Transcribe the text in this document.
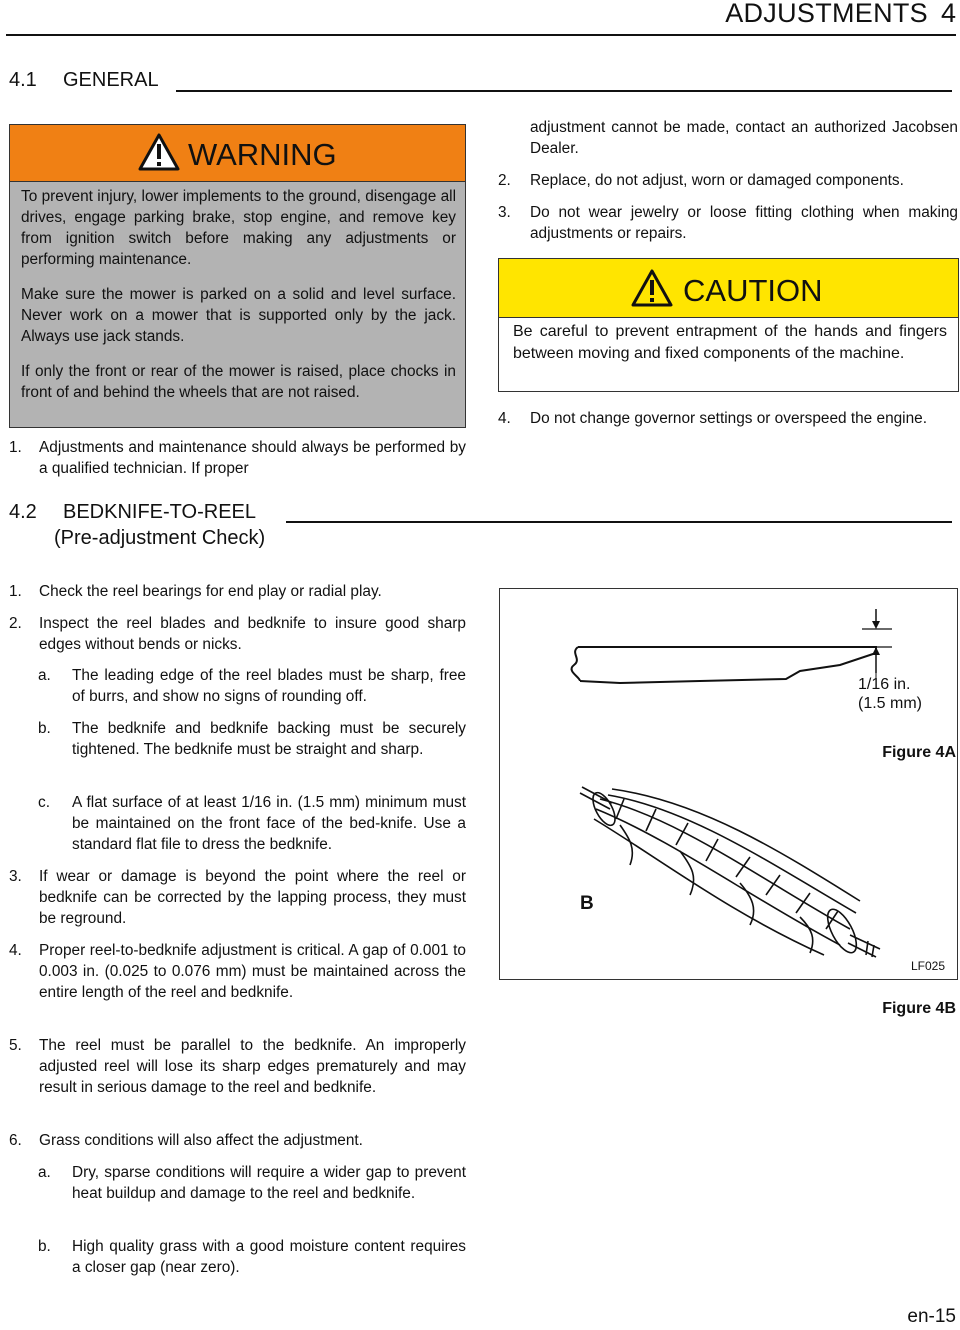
ADJUSTMENTS 4
4.1 GENERAL
WARNING
To prevent injury, lower implements to the ground, disengage all drives, engage parking brake, stop engine, and remove key from ignition switch before making any adjustments or performing maintenance.
Make sure the mower is parked on a solid and level surface. Never work on a mower that is supported only by the jack. Always use jack stands.
If only the front or rear of the mower is raised, place chocks in front of and behind the wheels that are not raised.
1. Adjustments and maintenance should always be performed by a qualified technician. If proper
adjustment cannot be made, contact an authorized Jacobsen Dealer.
2. Replace, do not adjust, worn or damaged components.
3. Do not wear jewelry or loose fitting clothing when making adjustments or repairs.
CAUTION
Be careful to prevent entrapment of the hands and fingers between moving and fixed components of the machine.
4. Do not change governor settings or overspeed the engine.
4.2 BEDKNIFE-TO-REEL
(Pre-adjustment Check)
1. Check the reel bearings for end play or radial play.
2. Inspect the reel blades and bedknife to insure good sharp edges without bends or nicks.
a. The leading edge of the reel blades must be sharp, free of burrs, and show no signs of rounding off.
b. The bedknife and bedknife backing must be securely tightened. The bedknife must be straight and sharp.
c. A flat surface of at least 1/16 in. (1.5 mm) minimum must be maintained on the front face of the bed-knife. Use a standard flat file to dress the bedknife.
3. If wear or damage is beyond the point where the reel or bedknife can be corrected by the lapping process, they must be reground.
4. Proper reel-to-bedknife adjustment is critical. A gap of 0.001 to 0.003 in. (0.025 to 0.076 mm) must be maintained across the entire length of the reel and bedknife.
5. The reel must be parallel to the bedknife. An improperly adjusted reel will lose its sharp edges prematurely and may result in serious damage to the reel and bedknife.
6. Grass conditions will also affect the adjustment.
a. Dry, sparse conditions will require a wider gap to prevent heat buildup and damage to the reel and bedknife.
b. High quality grass with a good moisture content requires a closer gap (near zero).
1/16 in.
(1.5 mm)
B
LF025
Figure 4A
Figure 4B
en-15
